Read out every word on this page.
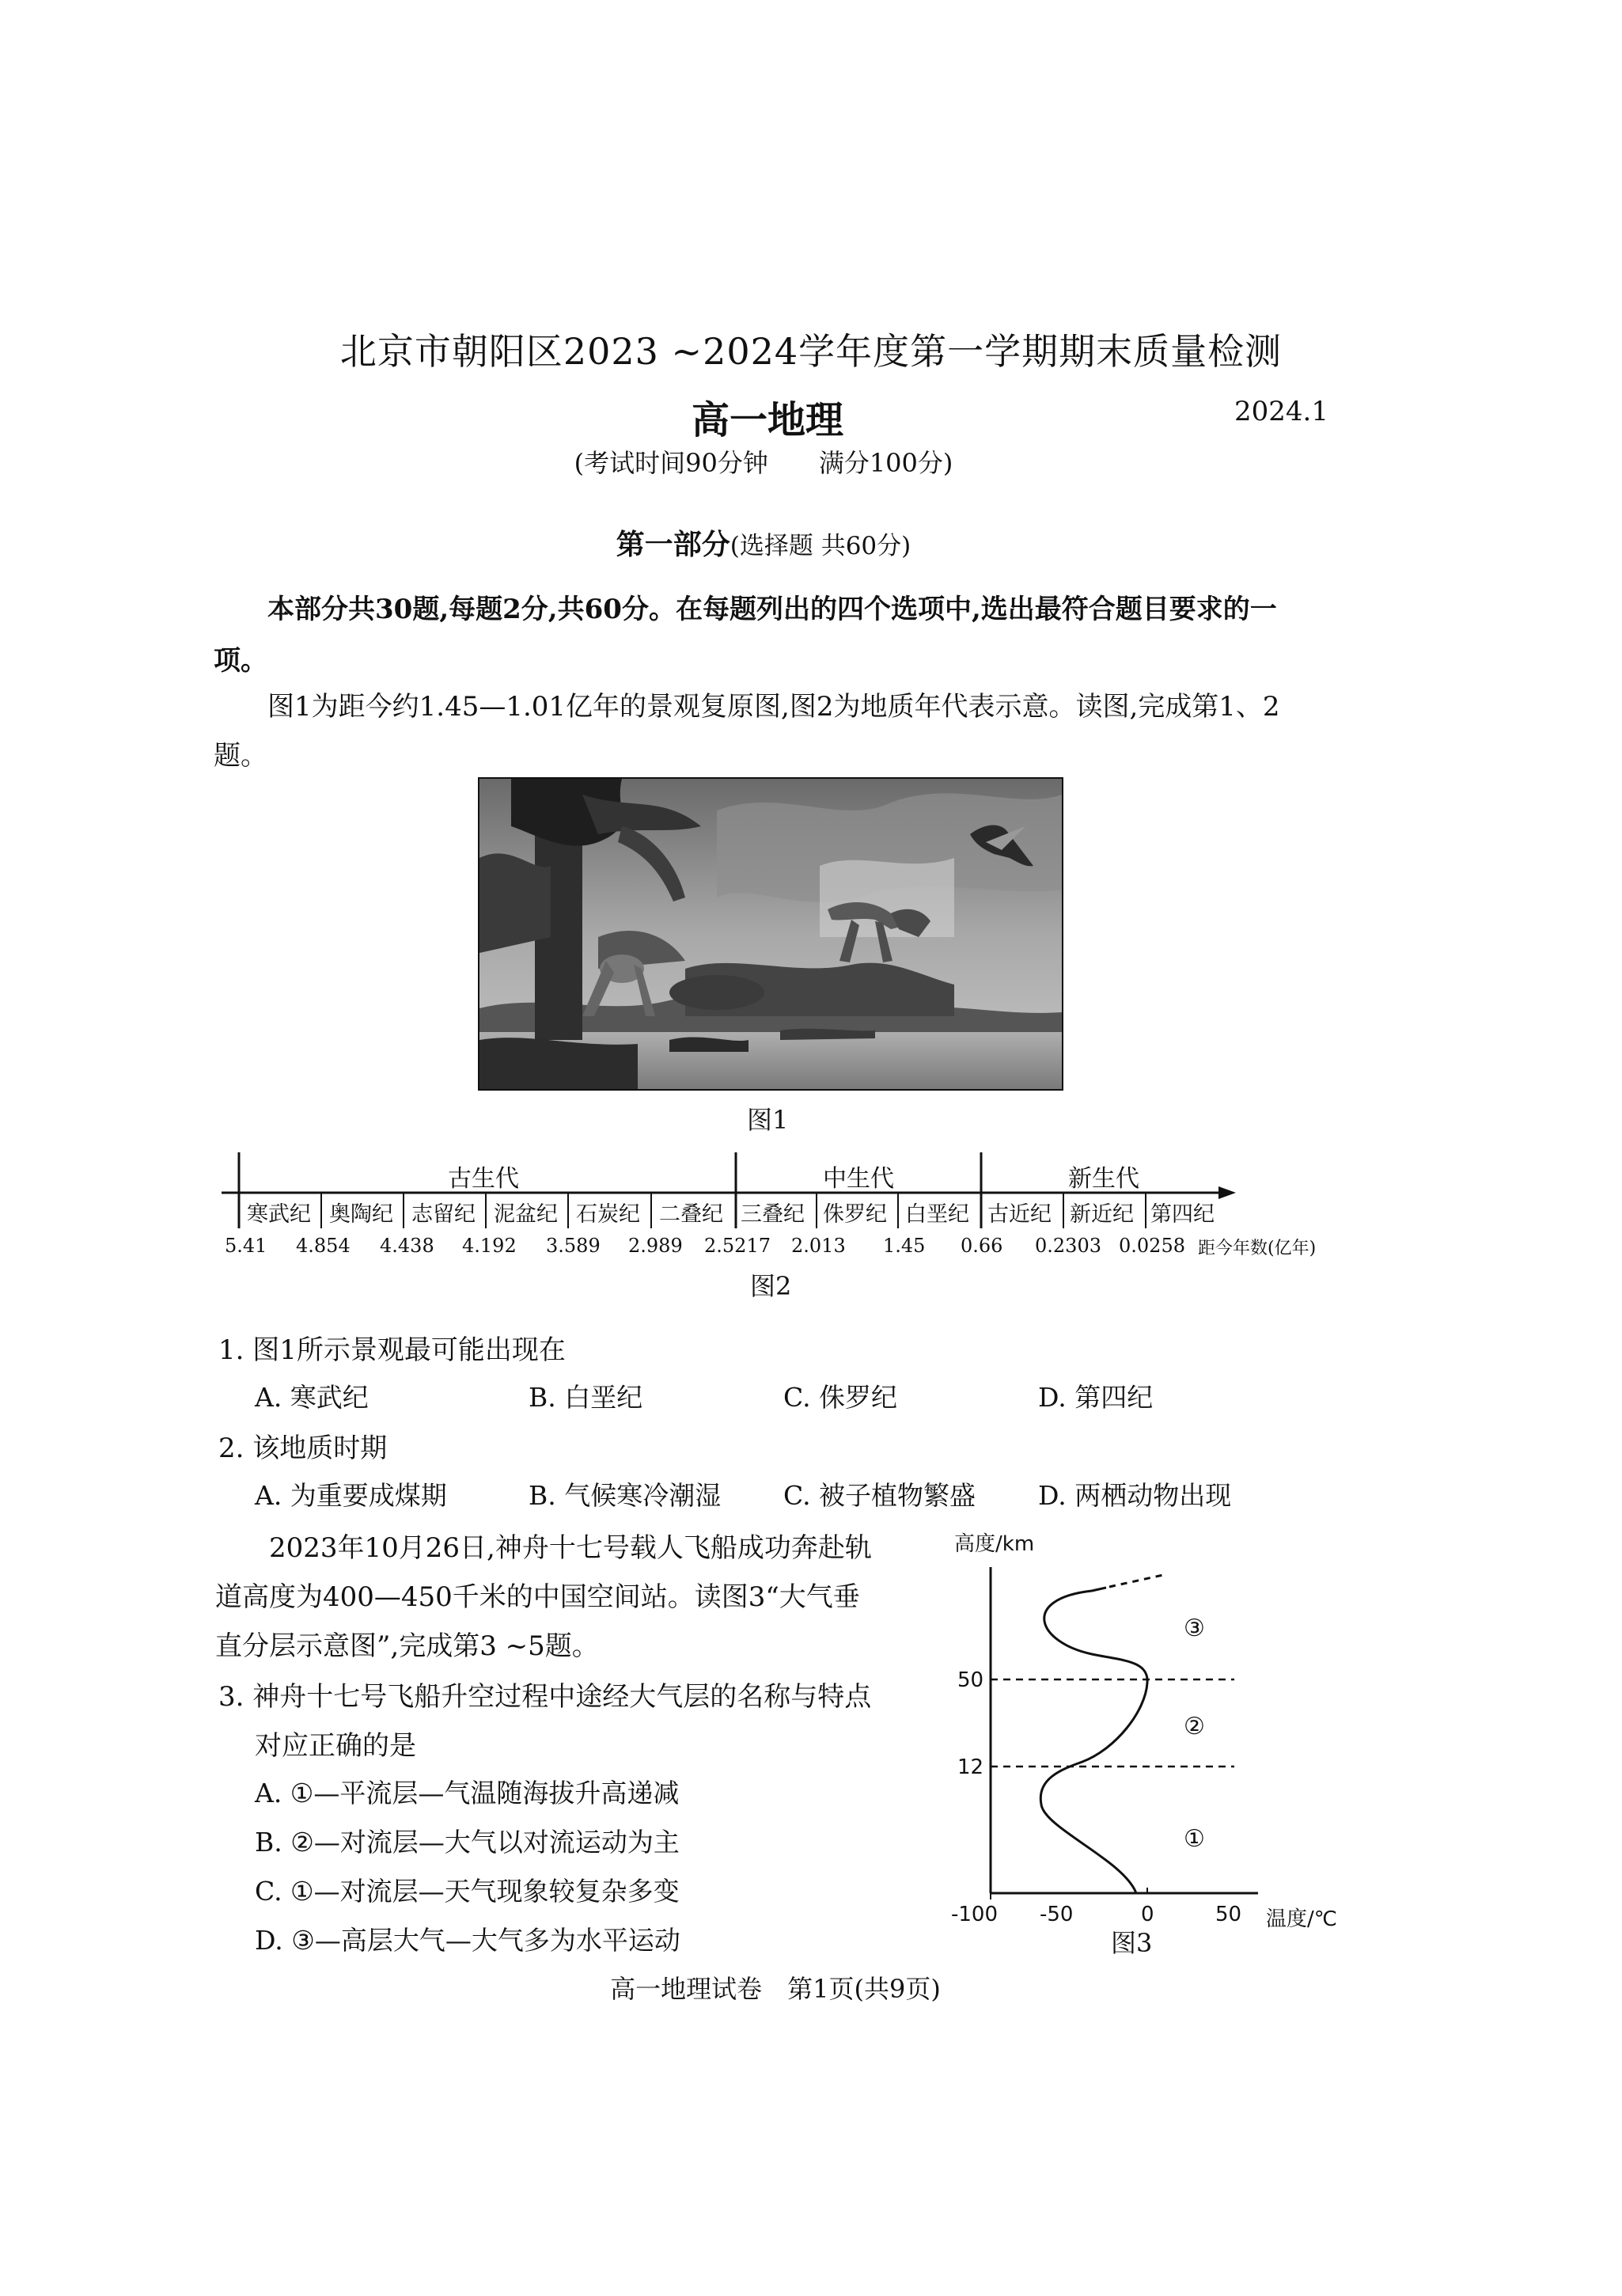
北京市朝阳区2023 ~2024学年度第一学期期末质量检测
高一地理	2024.1
(考试时间90分钟　　满分100分)
第一部分(选择题 共60分)
本部分共30题,每题2分,共60分。在每题列出的四个选项中,选出最符合题目要求的一项。
图1为距今约1.45—1.01亿年的景观复原图,图2为地质年代表示意。读图,完成第1、2题。
图1
古生代	中生代	新生代
寒武纪 奥陶纪 志留纪 泥盆纪 石炭纪 二叠纪 三叠纪 侏罗纪 白垩纪 古近纪 新近纪 第四纪
5.41 4.854 4.438 4.192 3.589 2.989 2.5217 2.013 1.45 0.66 0.2303 0.0258 距今年数(亿年)
图2
1. 图1所示景观最可能出现在
A. 寒武纪	B. 白垩纪	C. 侏罗纪	D. 第四纪
2. 该地质时期
A. 为重要成煤期	B. 气候寒冷潮湿 C. 被子植物繁盛 D. 两栖动物出现
2023年10月26日,神舟十七号载人飞船成功奔赴轨
道高度为400—450千米的中国空间站。读图3“大气垂
直分层示意图”,完成第3 ~5题。
3. 神舟十七号飞船升空过程中途经大气层的名称与特点
对应正确的是
A. ①—平流层—气温随海拔升高递减
B. ②—对流层—大气以对流运动为主
C. ①—对流层—天气现象较复杂多变
D. ③—高层大气—大气多为水平运动
高度/km
50
12
-100 -50	0	50 温度/℃
③
②
①
图3
高一地理试卷　第1页(共9页)
